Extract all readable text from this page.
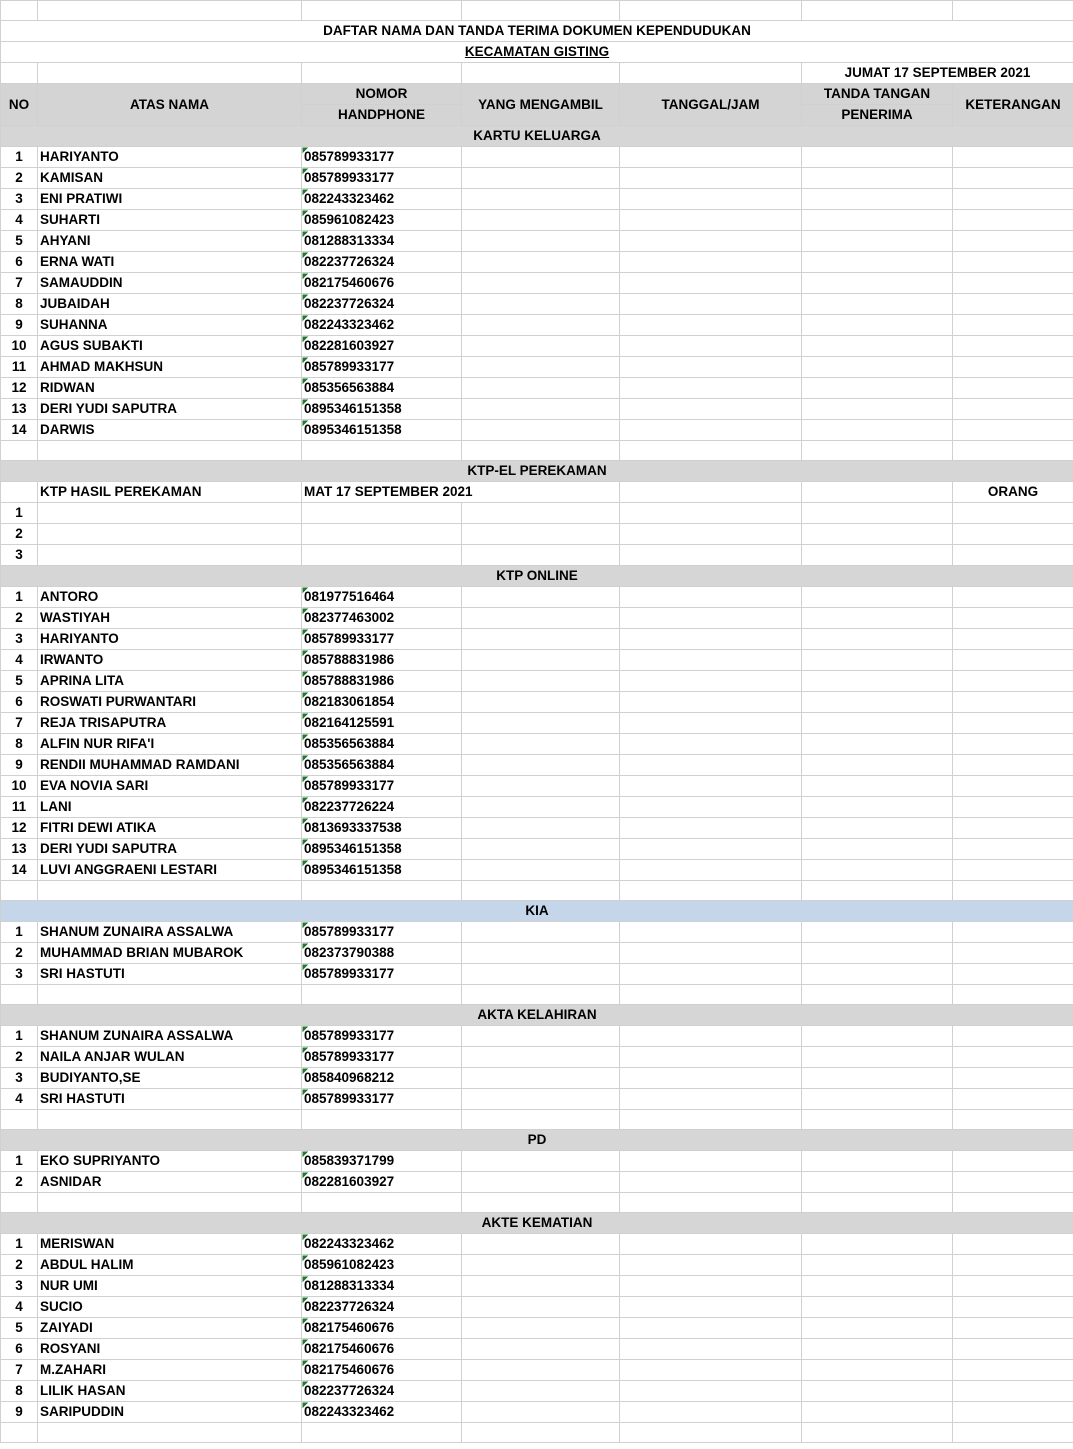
DAFTAR NAMA DAN TANDA TERIMA DOKUMEN KEPENDUDUKAN						
KECAMATAN GISTING						
					JUMAT 17 SEPTEMBER 2021	
NO	ATAS NAMA	NOMOR	YANG MENGAMBIL	TANGGAL/JAM	TANDA TANGAN	KETERANGAN
		HANDPHONE			PENERIMA	
KARTU KELUARGA						
1	HARIYANTO	085789933177				
2	KAMISAN	085789933177				
3	ENI PRATIWI	082243323462				
4	SUHARTI	085961082423				
5	AHYANI	081288313334				
6	ERNA WATI	082237726324				
7	SAMAUDDIN	082175460676				
8	JUBAIDAH	082237726324				
9	SUHANNA	082243323462				
10	AGUS SUBAKTI	082281603927				
11	AHMAD MAKHSUN	085789933177				
12	RIDWAN	085356563884				
13	DERI YUDI SAPUTRA	0895346151358				
14	DARWIS	0895346151358				

KTP-EL PEREKAMAN						
	KTP HASIL PEREKAMAN	MAT 17 SEPTEMBER 2021				ORANG
1						
2						
3						
KTP ONLINE						
1	ANTORO	081977516464				
2	WASTIYAH	082377463002				
3	HARIYANTO	085789933177				
4	IRWANTO	085788831986				
5	APRINA LITA	085788831986				
6	ROSWATI PURWANTARI	082183061854				
7	REJA TRISAPUTRA	082164125591				
8	ALFIN NUR RIFA'I	085356563884				
9	RENDII MUHAMMAD RAMDANI	085356563884				
10	EVA NOVIA SARI	085789933177				
11	LANI	082237726224				
12	FITRI DEWI ATIKA	0813693337538				
13	DERI YUDI SAPUTRA	0895346151358				
14	LUVI ANGGRAENI LESTARI	0895346151358				

KIA						
1	SHANUM ZUNAIRA ASSALWA	085789933177				
2	MUHAMMAD BRIAN MUBAROK	082373790388				
3	SRI HASTUTI	085789933177				

AKTA KELAHIRAN						
1	SHANUM ZUNAIRA ASSALWA	085789933177				
2	NAILA ANJAR WULAN	085789933177				
3	BUDIYANTO,SE	085840968212				
4	SRI HASTUTI	085789933177				

PD						
1	EKO SUPRIYANTO	085839371799				
2	ASNIDAR	082281603927				

AKTE KEMATIAN						
1	MERISWAN	082243323462				
2	ABDUL HALIM	085961082423				
3	NUR UMI	081288313334				
4	SUCIO	082237726324				
5	ZAIYADI	082175460676				
6	ROSYANI	082175460676				
7	M.ZAHARI	082175460676				
8	LILIK HASAN	082237726324				
9	SARIPUDDIN	082243323462				
